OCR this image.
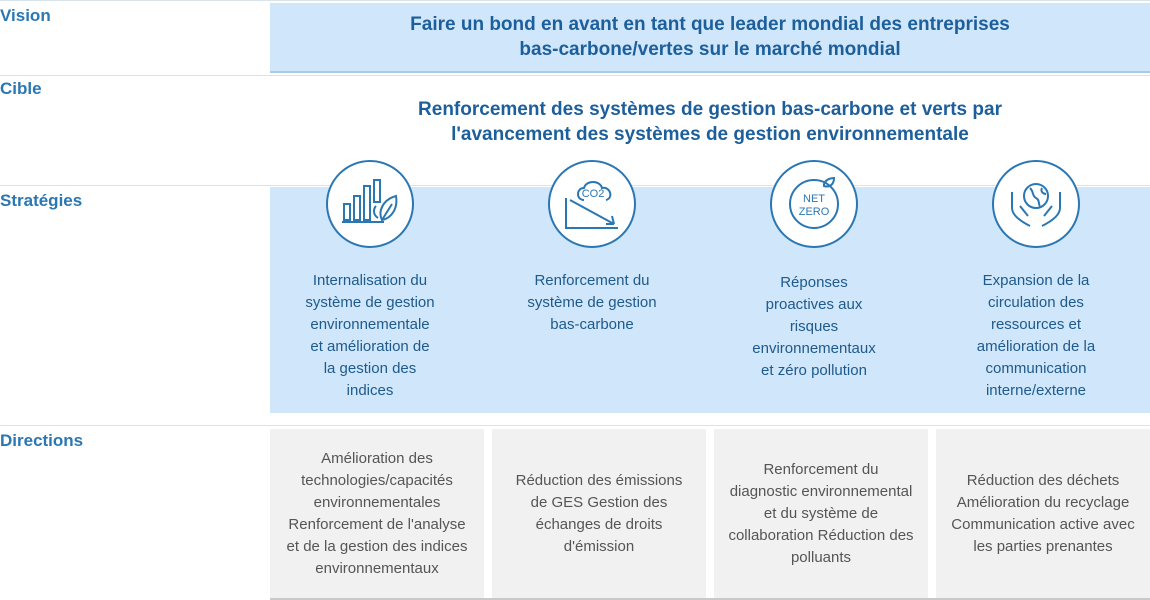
Vision
Cible
Stratégies
Directions
Faire un bond en avant en tant que leader mondial des entreprises bas-carbone/vertes sur le marché mondial
Renforcement des systèmes de gestion bas-carbone et verts par l'avancement des systèmes de gestion environnementale
Internalisation du système de gestion environnementale et amélioration de la gestion des indices
CO2
Renforcement du système de gestion bas-carbone
NET
ZERO
Réponses proactives aux risques environnementaux et zéro pollution
Expansion de la circulation des ressources et amélioration de la communication interne/externe
Amélioration des technologies/capacités environnementales Renforcement de l'analyse et de la gestion des indices environnementaux
Réduction des émissions de GES Gestion des échanges de droits d'émission
Renforcement du diagnostic environnemental et du système de collaboration Réduction des polluants
Réduction des déchets Amélioration du recyclage Communication active avec les parties prenantes
